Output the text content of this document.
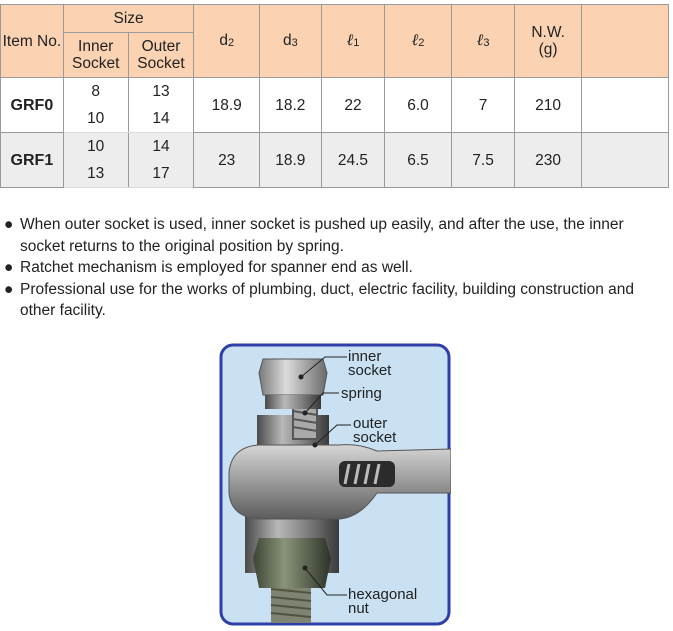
Item No.	Size		d2	d3	ℓ1	ℓ2	ℓ3	N.W. (g)	
	Inner Socket	Outer Socket							
GRF0	8	13	18.9	18.2	22	6.0	7	210	
	10	14							
GRF1	10	14	23	18.9	24.5	6.5	7.5	230	
	13	17							
● When outer socket is used, inner socket is pushed up easily, and after the use, the inner socket returns to the original position by spring.
● Ratchet mechanism is employed for spanner end as well.
● Professional use for the works of plumbing, duct, electric facility, building construction and other facility.
inner
socket
spring
outer
socket
hexagonal
nut
